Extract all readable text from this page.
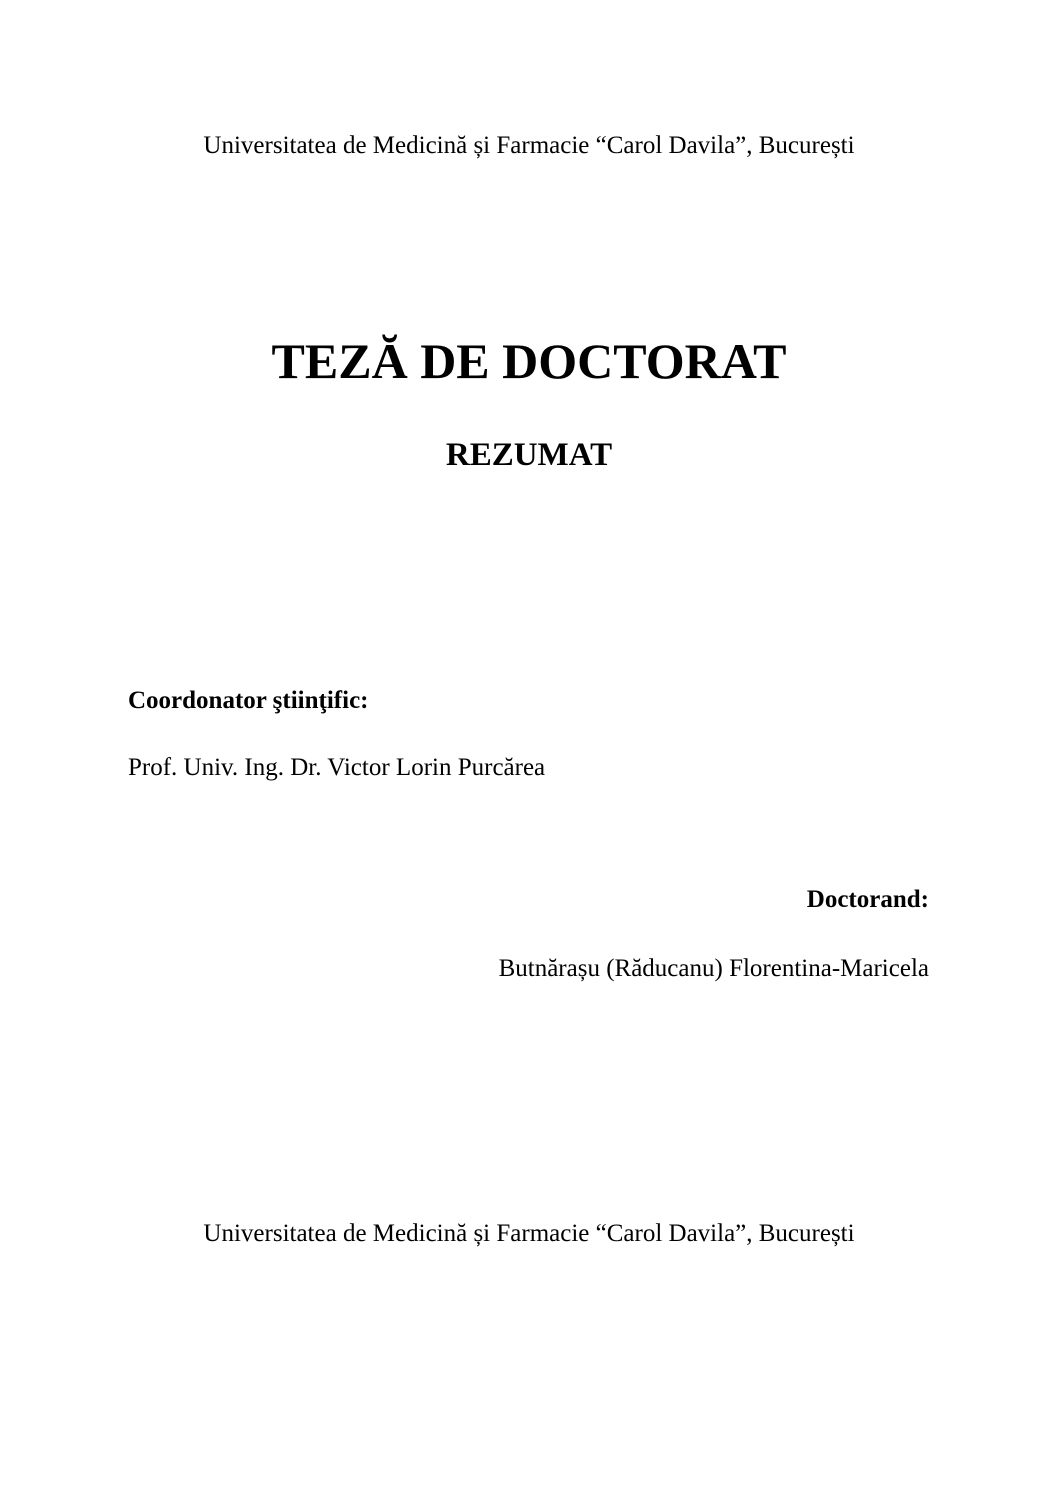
Universitatea de Medicină și Farmacie “Carol Davila”, București
TEZĂ DE DOCTORAT
REZUMAT
Coordonator ştiinţific:
Prof. Univ. Ing. Dr. Victor Lorin Purcărea
Doctorand:
Butnărașu (Răducanu) Florentina-Maricela
Universitatea de Medicină și Farmacie “Carol Davila”, București
